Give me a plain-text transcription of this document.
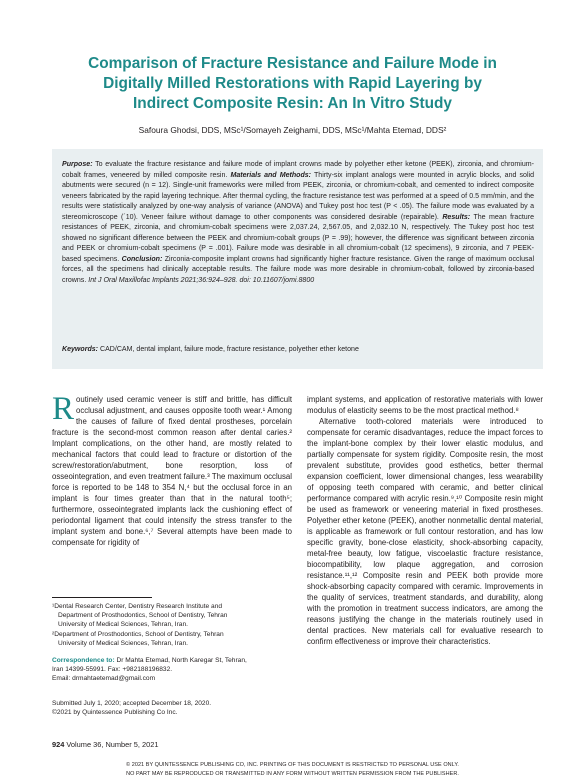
Comparison of Fracture Resistance and Failure Mode in
Digitally Milled Restorations with Rapid Layering by
Indirect Composite Resin: An In Vitro Study
Safoura Ghodsi, DDS, MSc¹/Somayeh Zeighami, DDS, MSc¹/Mahta Etemad, DDS²
Purpose: To evaluate the fracture resistance and failure mode of implant crowns made by polyether ether ketone (PEEK), zirconia, and chromium-cobalt frames, veneered by milled composite resin. Materials and Methods: Thirty-six implant analogs were mounted in acrylic blocks, and solid abutments were secured (n = 12). Single-unit frameworks were milled from PEEK, zirconia, or chromium-cobalt, and cemented to indirect composite veneers fabricated by the rapid layering technique. After thermal cycling, the fracture resistance test was performed at a speed of 0.5 mm/min, and the results were statistically analyzed by one-way analysis of variance (ANOVA) and Tukey post hoc test (P < .05). The failure mode was evaluated by a stereomicroscope (´10). Veneer failure without damage to other components was considered desirable (repairable). Results: The mean fracture resistances of PEEK, zirconia, and chromium-cobalt specimens were 2,037.24, 2,567.05, and 2,032.10 N, respectively. The Tukey post hoc test showed no significant difference between the PEEK and chromium-cobalt groups (P = .99); however, the difference was significant between zirconia and PEEK or chromium-cobalt specimens (P = .001). Failure mode was desirable in all chromium-cobalt (12 specimens), 9 zirconia, and 7 PEEK-based specimens. Conclusion: Zirconia-composite implant crowns had significantly higher fracture resistance. Given the range of maximum occlusal forces, all the specimens had clinically acceptable results. The failure mode was more desirable in chromium-cobalt, followed by zirconia-based crowns. Int J Oral Maxillofac Implants 2021;36:924–928. doi: 10.11607/jomi.8800
Keywords: CAD/CAM, dental implant, failure mode, fracture resistance, polyether ether ketone

Routinely used ceramic veneer is stiff and brittle, has difficult occlusal adjustment, and causes opposite tooth wear.¹ Among the causes of failure of fixed dental prostheses, porcelain fracture is the second-most common reason after dental caries.² Implant complications, on the other hand, are mostly related to mechanical factors that could lead to fracture or distortion of the screw/restoration/abutment, bone resorption, loss of osseointegration, and even treatment failure.³ The maximum occlusal force is reported to be 148 to 354 N,⁴ but the occlusal force in an implant is four times greater than that in the natural tooth⁵; furthermore, osseointegrated implants lack the cushioning effect of periodontal ligament that could intensify the stress transfer to the implant system and bone.⁶,⁷ Several attempts have been made to compensate for rigidity of

implant systems, and application of restorative materials with lower modulus of elasticity seems to be the most practical method.⁸

Alternative tooth-colored materials were introduced to compensate for ceramic disadvantages, reduce the impact forces to the implant-bone complex by their lower elastic modulus, and partially compensate for system rigidity. Composite resin, the most prevalent substitute, provides good esthetics, better thermal expansion coefficient, lower dimensional changes, less wearability of opposing teeth compared with ceramic, and better clinical performance compared with acrylic resin.⁹,¹⁰ Composite resin might be used as framework or veneering material in fixed prostheses. Polyether ether ketone (PEEK), another nonmetallic dental material, is applicable as framework or full contour restoration, and has low specific gravity, bone-close elasticity, shock-absorbing capacity, metal-free beauty, low fatigue, viscoelastic fracture resistance, biocompatibility, low plaque aggregation, and corrosion resistance.¹¹,¹² Composite resin and PEEK both provide more shock-absorbing capacity compared with ceramic. Improvements in the quality of services, treatment standards, and durability, along with the promotion in treatment success indicators, are among the reasons justifying the change in the materials routinely used in dental practices. New materials call for evaluative research to confirm effectiveness or improve their characteristics.

¹Dental Research Center, Dentistry Research Institute and
Department of Prosthodontics, School of Dentistry, Tehran
University of Medical Sciences, Tehran, Iran.
²Department of Prosthodontics, School of Dentistry, Tehran
University of Medical Sciences, Tehran, Iran.
Correspondence to: Dr Mahta Etemad, North Karegar St, Tehran,
Iran 14399-55991. Fax: +982188196832.
Email: drmahtaetemad@gmail.com
Submitted July 1, 2020; accepted December 18, 2020.
©2021 by Quintessence Publishing Co Inc.
924 Volume 36, Number 5, 2021
© 2021 BY QUINTESSENCE PUBLISHING CO, INC. PRINTING OF THIS DOCUMENT IS RESTRICTED TO PERSONAL USE ONLY.
NO PART MAY BE REPRODUCED OR TRANSMITTED IN ANY FORM WITHOUT WRITTEN PERMISSION FROM THE PUBLISHER.
